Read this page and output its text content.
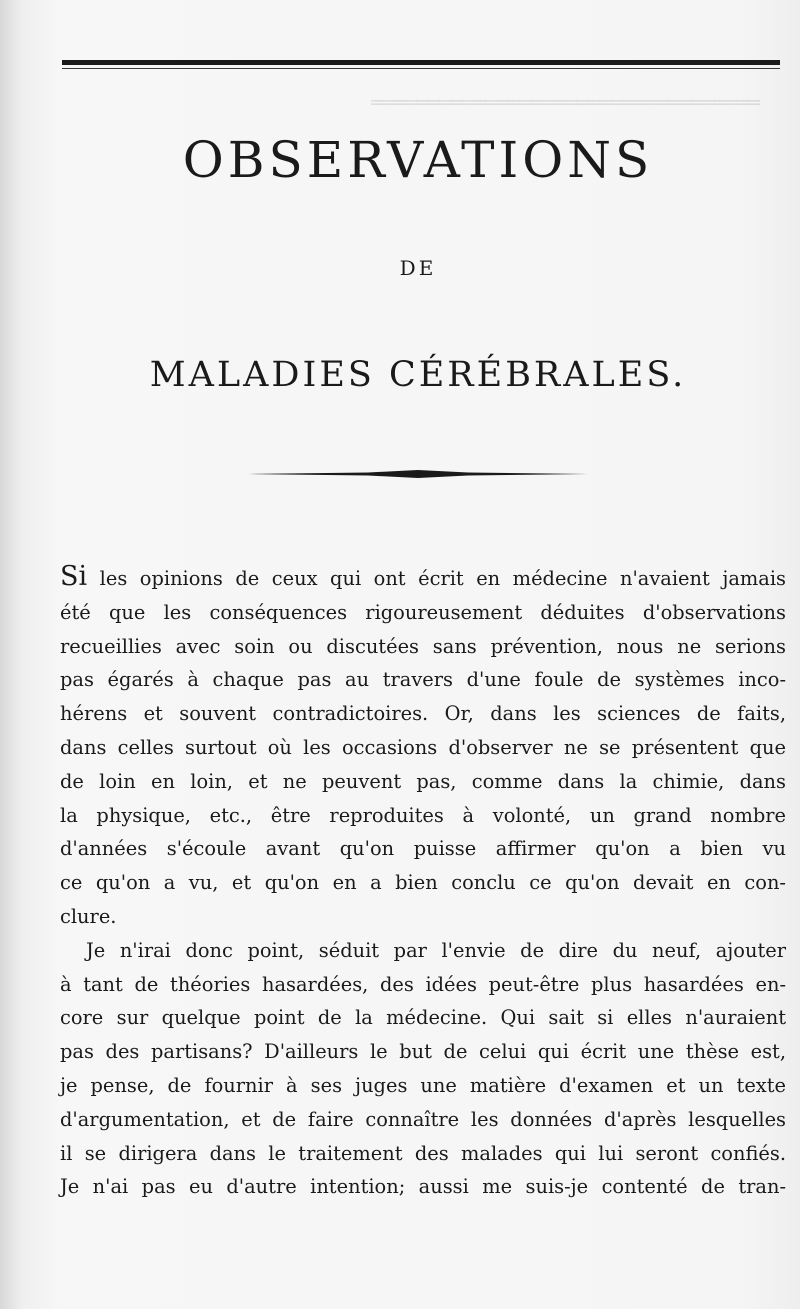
══════════════════════════════════
OBSERVATIONS
DE
MALADIES CÉRÉBRALES.

Si les opinions de ceux qui ont écrit en médecine n'avaient jamais
été que les conséquences rigoureusement déduites d'observations
recueillies avec soin ou discutées sans prévention, nous ne serions
pas égarés à chaque pas au travers d'une foule de systèmes inco-
hérens et souvent contradictoires. Or, dans les sciences de faits,
dans celles surtout où les occasions d'observer ne se présentent que
de loin en loin, et ne peuvent pas, comme dans la chimie, dans
la physique, etc., être reproduites à volonté, un grand nombre
d'années s'écoule avant qu'on puisse affirmer qu'on a bien vu
ce qu'on a vu, et qu'on en a bien conclu ce qu'on devait en con-
clure.

Je n'irai donc point, séduit par l'envie de dire du neuf, ajouter
à tant de théories hasardées, des idées peut-être plus hasardées en-
core sur quelque point de la médecine. Qui sait si elles n'auraient
pas des partisans? D'ailleurs le but de celui qui écrit une thèse est,
je pense, de fournir à ses juges une matière d'examen et un texte
d'argumentation, et de faire connaître les données d'après lesquelles
il se dirigera dans le traitement des malades qui lui seront confiés.
Je n'ai pas eu d'autre intention; aussi me suis-je contenté de tran-
